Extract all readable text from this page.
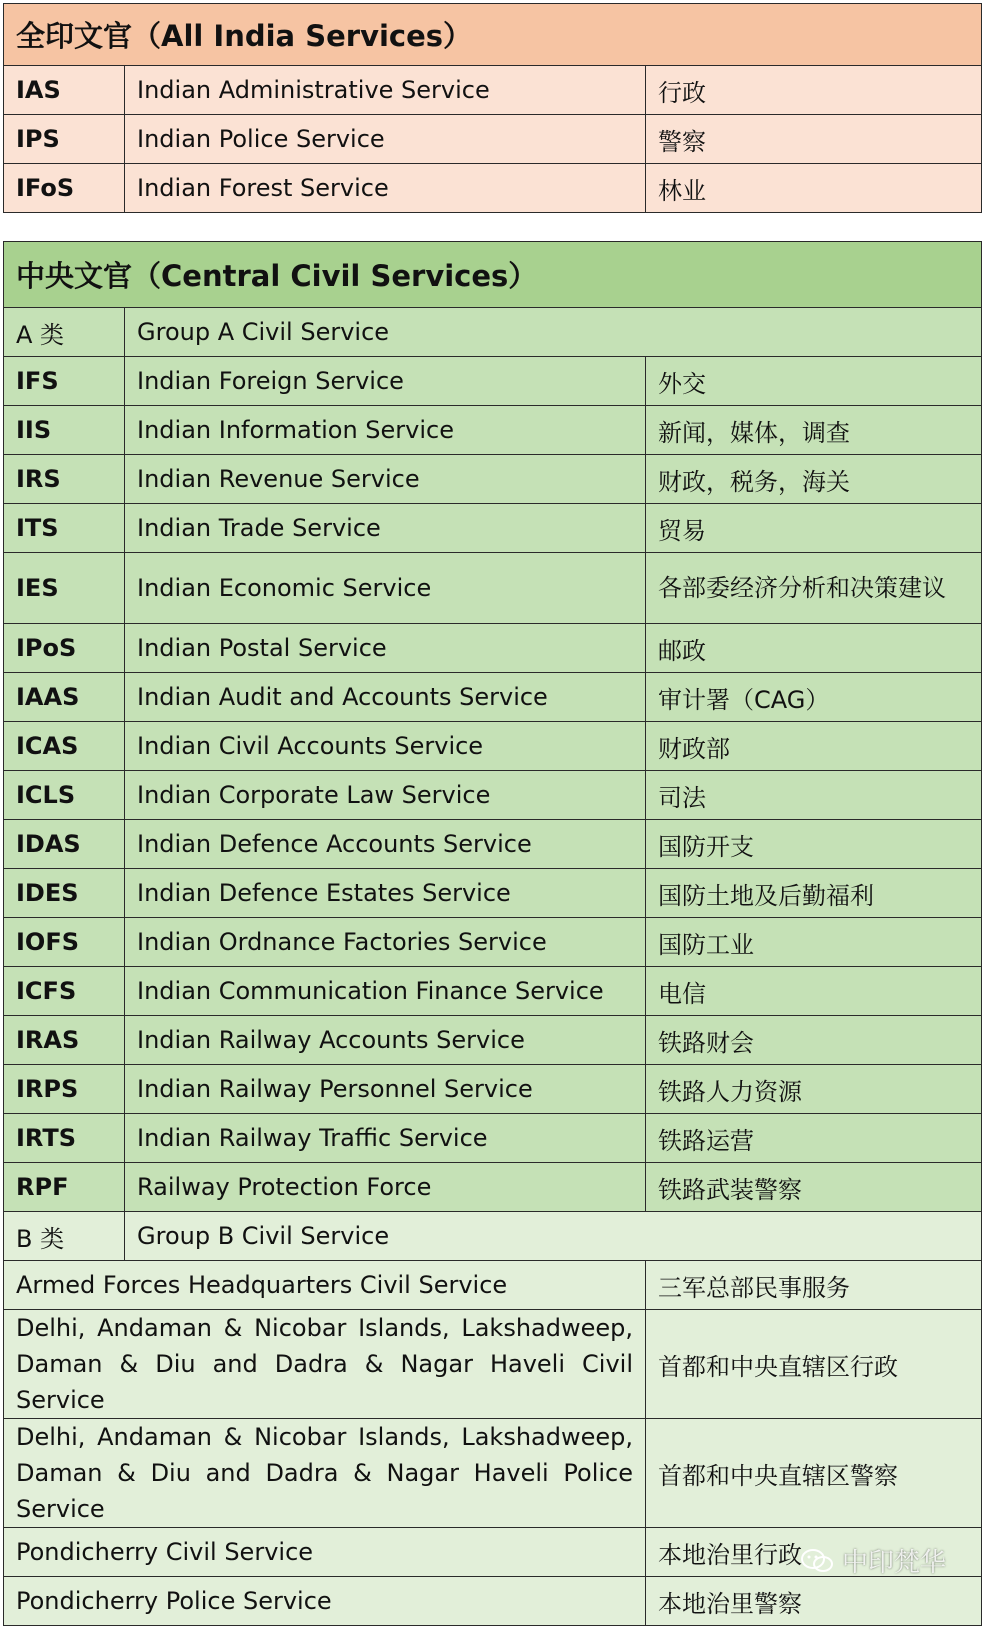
全印文官（All India Services）		
IAS	Indian Administrative Service	行政
IPS	Indian Police Service	警察
IFoS	Indian Forest Service	林业
中央文官（Central Civil Services）		
A 类	Group A Civil Service	
IFS	Indian Foreign Service	外交
IIS	Indian Information Service	新闻，媒体，调查
IRS	Indian Revenue Service	财政，税务，海关
ITS	Indian Trade Service	贸易
IES	Indian Economic Service	各部委经济分析和决策建议
IPoS	Indian Postal Service	邮政
IAAS	Indian Audit and Accounts Service	审计署（CAG）
ICAS	Indian Civil Accounts Service	财政部
ICLS	Indian Corporate Law Service	司法
IDAS	Indian Defence Accounts Service	国防开支
IDES	Indian Defence Estates Service	国防土地及后勤福利
IOFS	Indian Ordnance Factories Service	国防工业
ICFS	Indian Communication Finance Service	电信
IRAS	Indian Railway Accounts Service	铁路财会
IRPS	Indian Railway Personnel Service	铁路人力资源
IRTS	Indian Railway Traffic Service	铁路运营
RPF	Railway Protection Force	铁路武装警察
B 类	Group B Civil Service	
Armed Forces Headquarters Civil Service		三军总部民事服务
Delhi, Andaman & Nicobar Islands, Lakshadweep, Daman & Diu and Dadra & Nagar Haveli Civil Service		首都和中央直辖区行政
Delhi, Andaman & Nicobar Islands, Lakshadweep, Daman & Diu and Dadra & Nagar Haveli Police Service		首都和中央直辖区警察
Pondicherry Civil Service		本地治里行政
Pondicherry Police Service		本地治里警察
中印梵华
